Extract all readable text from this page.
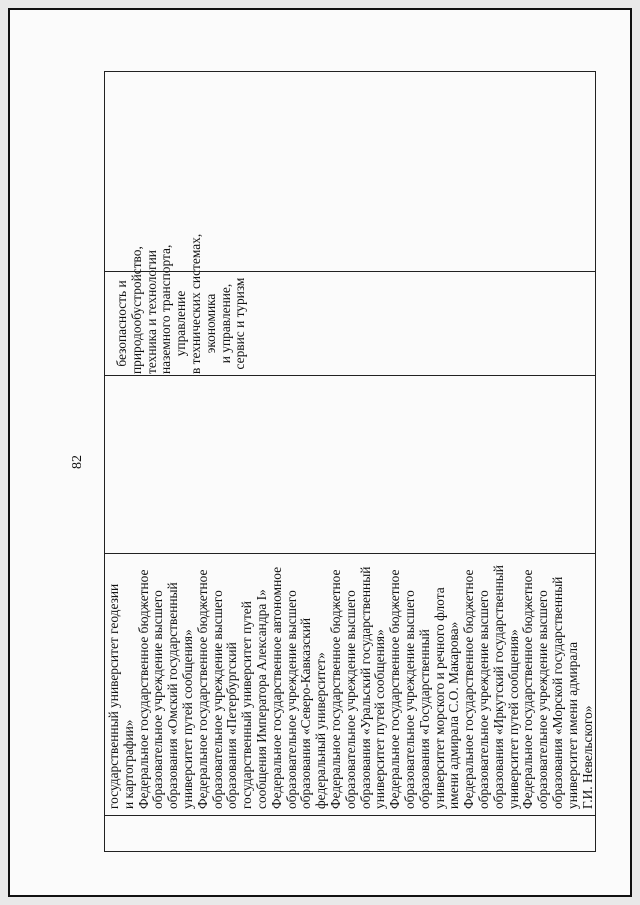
82

государственный университет геодезии и картографии» Федеральное государственное бюджетное образовательное учреждение высшего образования «Омский государственный университет путей сообщения» Федеральное государственное бюджетное образовательное учреждение высшего образования «Петербургский государственный университет путей сообщения Императора Александра I» Федеральное государственное автономное образовательное учреждение высшего образования «Северо-Кавказский федеральный университет» Федеральное государственное бюджетное образовательное учреждение высшего образования «Уральский государственный университет путей сообщения» Федеральное государственное бюджетное образовательное учреждение высшего образования «Государственный университет морского и речного флота имени адмирала С.О. Макарова» Федеральное государственное бюджетное образовательное учреждение высшего образования «Иркутский государственный университет путей сообщения» Федеральное государственное бюджетное образовательное учреждение высшего образования «Морской государственный университет имени адмирала Г.И. Невельского»

безопасность и природообустройство, техника и технологии наземного транспорта, управление в технических системах, экономика и управление, сервис и туризм
